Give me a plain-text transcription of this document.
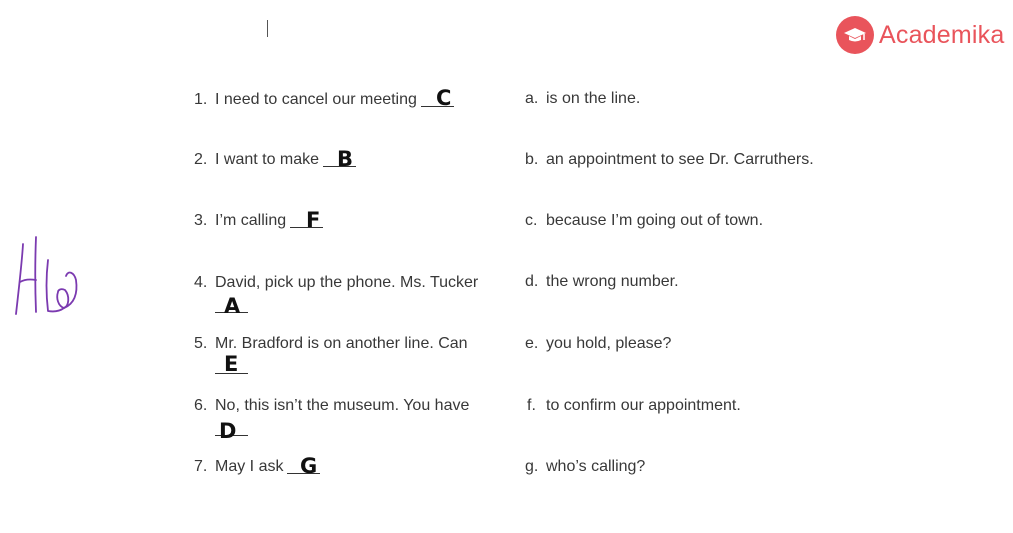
Academika
1. I need to cancel our meeting C
2. I want to make B
3. I’m calling F
4. David, pick up the phone. Ms. Tucker
A
5. Mr. Bradford is on another line. Can
E
6. No, this isn’t the museum. You have
D
7. May I ask G
a. is on the line.
b. an appointment to see Dr. Carruthers.
c. because I’m going out of town.
d. the wrong number.
e. you hold, please?
f. to confirm our appointment.
g. who’s calling?
